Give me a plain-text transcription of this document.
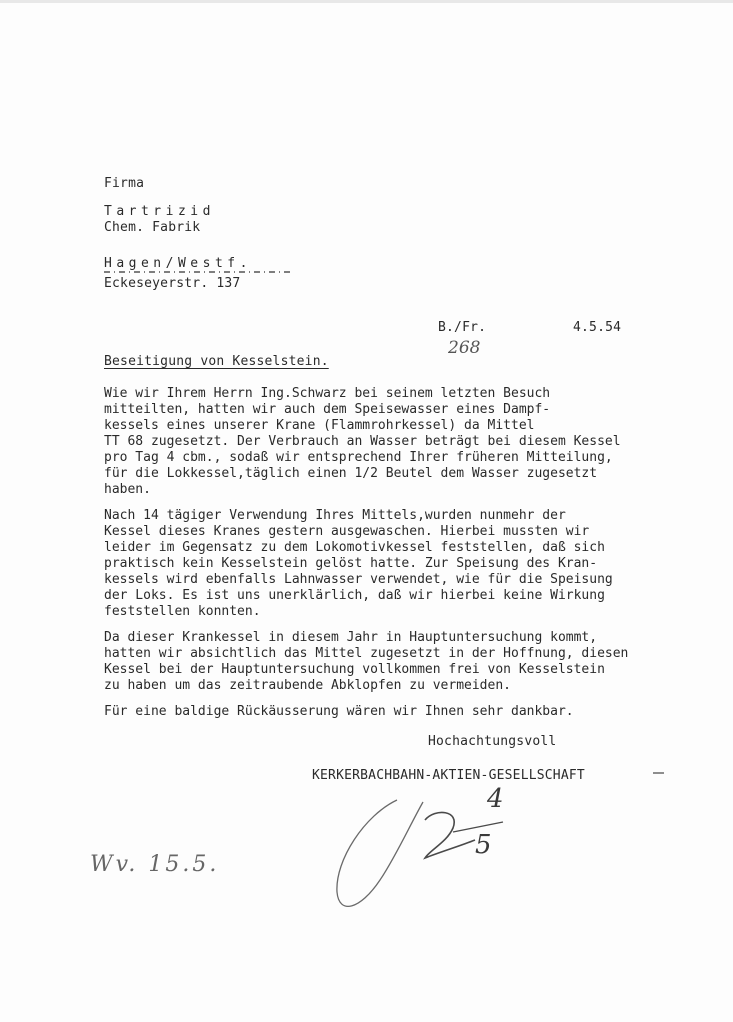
Firma
Tartrizid
Chem. Fabrik
Hagen/Westf.
Eckeseyerstr. 137
B./Fr.	4.5.54
268
Beseitigung von Kesselstein.

Wie wir Ihrem Herrn Ing.Schwarz bei seinem letzten Besuch
mitteilten, hatten wir auch dem Speisewasser eines Dampf-
kessels eines unserer Krane (Flammrohrkessel) da Mittel
TT 68 zugesetzt. Der Verbrauch an Wasser beträgt bei diesem Kessel
pro Tag 4 cbm., sodaß wir entsprechend Ihrer früheren Mitteilung,
für die Lokkessel,täglich einen 1/2 Beutel dem Wasser zugesetzt
haben.

Nach 14 tägiger Verwendung Ihres Mittels,wurden nunmehr der
Kessel dieses Kranes gestern ausgewaschen. Hierbei mussten wir
leider im Gegensatz zu dem Lokomotivkessel feststellen, daß sich
praktisch kein Kesselstein gelöst hatte. Zur Speisung des Kran-
kessels wird ebenfalls Lahnwasser verwendet, wie für die Speisung
der Loks. Es ist uns unerklärlich, daß wir hierbei keine Wirkung
feststellen konnten.

Da dieser Krankessel in diesem Jahr in Hauptuntersuchung kommt,
hatten wir absichtlich das Mittel zugesetzt in der Hoffnung, diesen
Kessel bei der Hauptuntersuchung vollkommen frei von Kesselstein
zu haben um das zeitraubende Abklopfen zu vermeiden.

Für eine baldige Rückäusserung wären wir Ihnen sehr dankbar.

Hochachtungsvoll
KERKERBACHBAHN-AKTIEN-GESELLSCHAFT
4
5
Wv. 15.5.
